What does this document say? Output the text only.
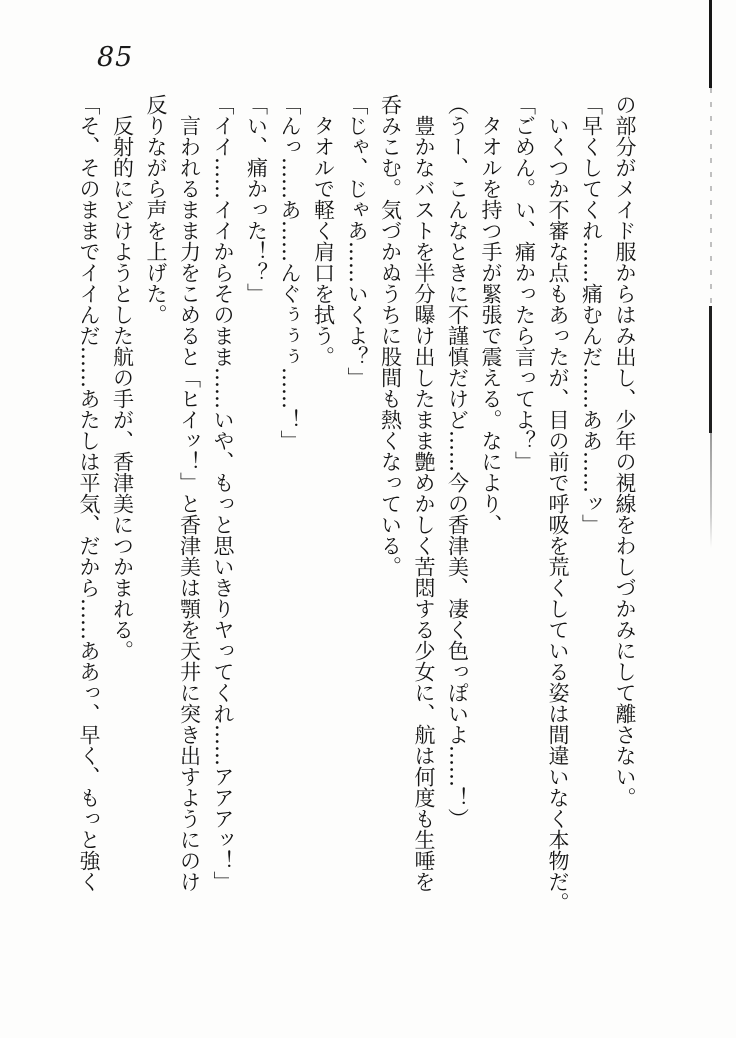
85

の部分がメイド服からはみ出し、少年の視線をわしづかみにして離さない。

「早くしてくれ……痛むんだ……ああ……ッ」

　いくつか不審な点もあったが、目の前で呼吸を荒くしている姿は間違いなく本物だ。

「ごめん。い、痛かったら言ってよ？」

　タオルを持つ手が緊張で震える。なにより、

（うー、こんなときに不謹慎だけど……今の香津美、凄く色っぽいよ……！）

　豊かなバストを半分曝け出したまま艶めかしく苦悶する少女に、航は何度も生唾を

呑みこむ。気づかぬうちに股間も熱くなっている。

「じゃ、じゃあ……いくよ？」

　タオルで軽く肩口を拭う。

「んっ……あ……んぐぅぅぅ……！」

「い、痛かった！？」

「イイ……イイからそのまま……いや、もっと思いきりヤってくれ……アアアッ！」

　言われるまま力をこめると「ヒイッ！」と香津美は顎を天井に突き出すようにのけ

反りながら声を上げた。

　反射的にどけようとした航の手が、香津美につかまれる。

「そ、そのままでイイんだ……あたしは平気、だから……ああっ、早く、もっと強く
